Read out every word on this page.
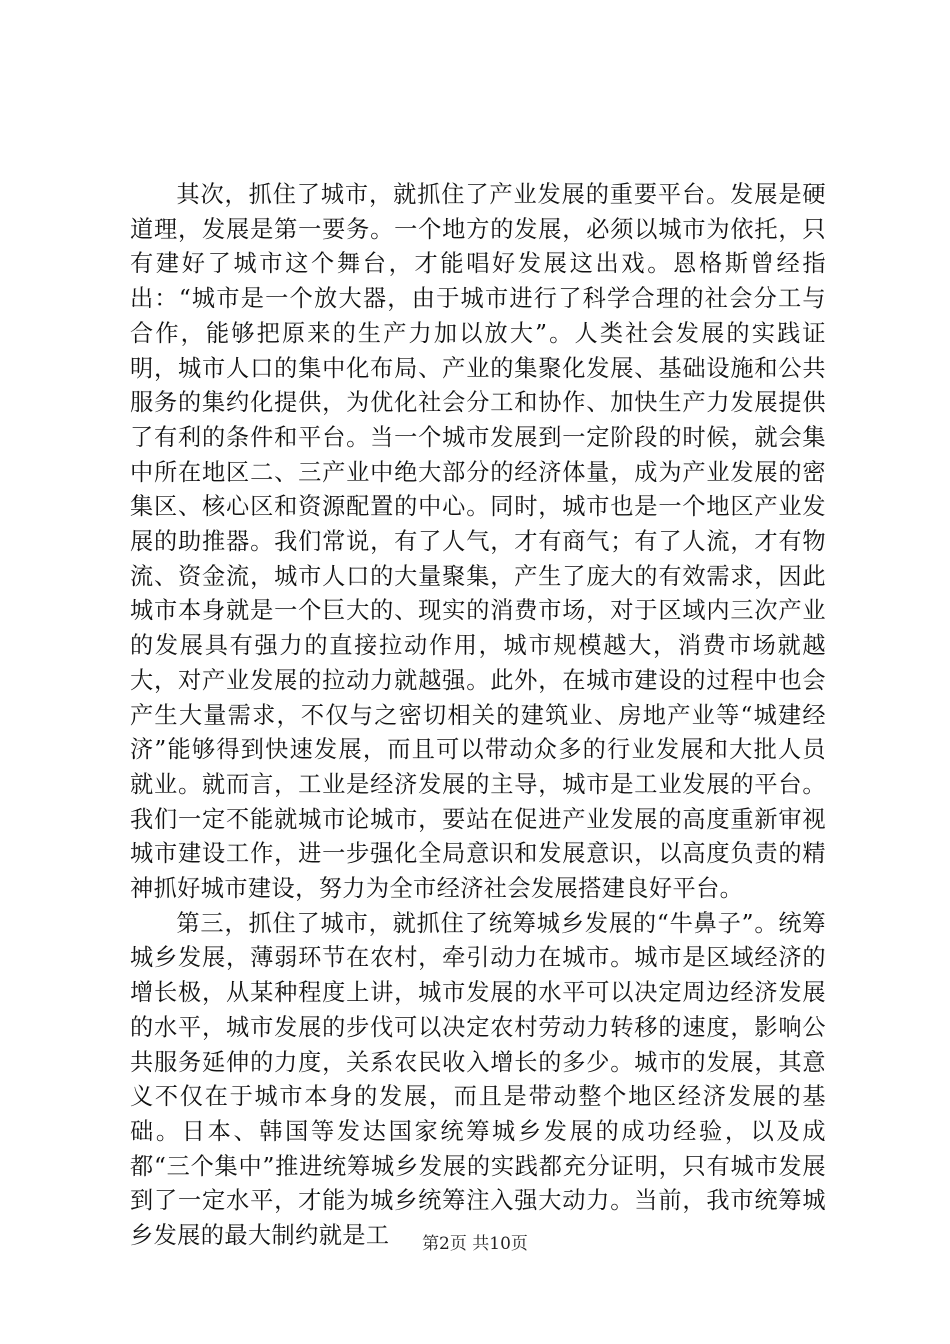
其次，抓住了城市，就抓住了产业发展的重要平台。发展是硬道理，发展是第一要务。一个地方的发展，必须以城市为依托，只有建好了城市这个舞台，才能唱好发展这出戏。恩格斯曾经指出：“城市是一个放大器，由于城市进行了科学合理的社会分工与合作，能够把原来的生产力加以放大”。人类社会发展的实践证明，城市人口的集中化布局、产业的集聚化发展、基础设施和公共服务的集约化提供，为优化社会分工和协作、加快生产力发展提供了有利的条件和平台。当一个城市发展到一定阶段的时候，就会集中所在地区二、三产业中绝大部分的经济体量，成为产业发展的密集区、核心区和资源配置的中心。同时，城市也是一个地区产业发展的助推器。我们常说，有了人气，才有商气；有了人流，才有物流、资金流，城市人口的大量聚集，产生了庞大的有效需求，因此城市本身就是一个巨大的、现实的消费市场，对于区域内三次产业的发展具有强力的直接拉动作用，城市规模越大，消费市场就越大，对产业发展的拉动力就越强。此外，在城市建设的过程中也会产生大量需求，不仅与之密切相关的建筑业、房地产业等“城建经济”能够得到快速发展，而且可以带动众多的行业发展和大批人员就业。就而言，工业是经济发展的主导，城市是工业发展的平台。我们一定不能就城市论城市，要站在促进产业发展的高度重新审视城市建设工作，进一步强化全局意识和发展意识，以高度负责的精神抓好城市建设，努力为全市经济社会发展搭建良好平台。

第三，抓住了城市，就抓住了统筹城乡发展的“牛鼻子”。统筹城乡发展，薄弱环节在农村，牵引动力在城市。城市是区域经济的增长极，从某种程度上讲，城市发展的水平可以决定周边经济发展的水平，城市发展的步伐可以决定农村劳动力转移的速度，影响公共服务延伸的力度，关系农民收入增长的多少。城市的发展，其意义不仅在于城市本身的发展，而且是带动整个地区经济发展的基础。日本、韩国等发达国家统筹城乡发展的成功经验，以及成都“三个集中”推进统筹城乡发展的实践都充分证明，只有城市发展到了一定水平，才能为城乡统筹注入强大动力。当前，我市统筹城乡发展的最大制约就是工	第2页 共10页
